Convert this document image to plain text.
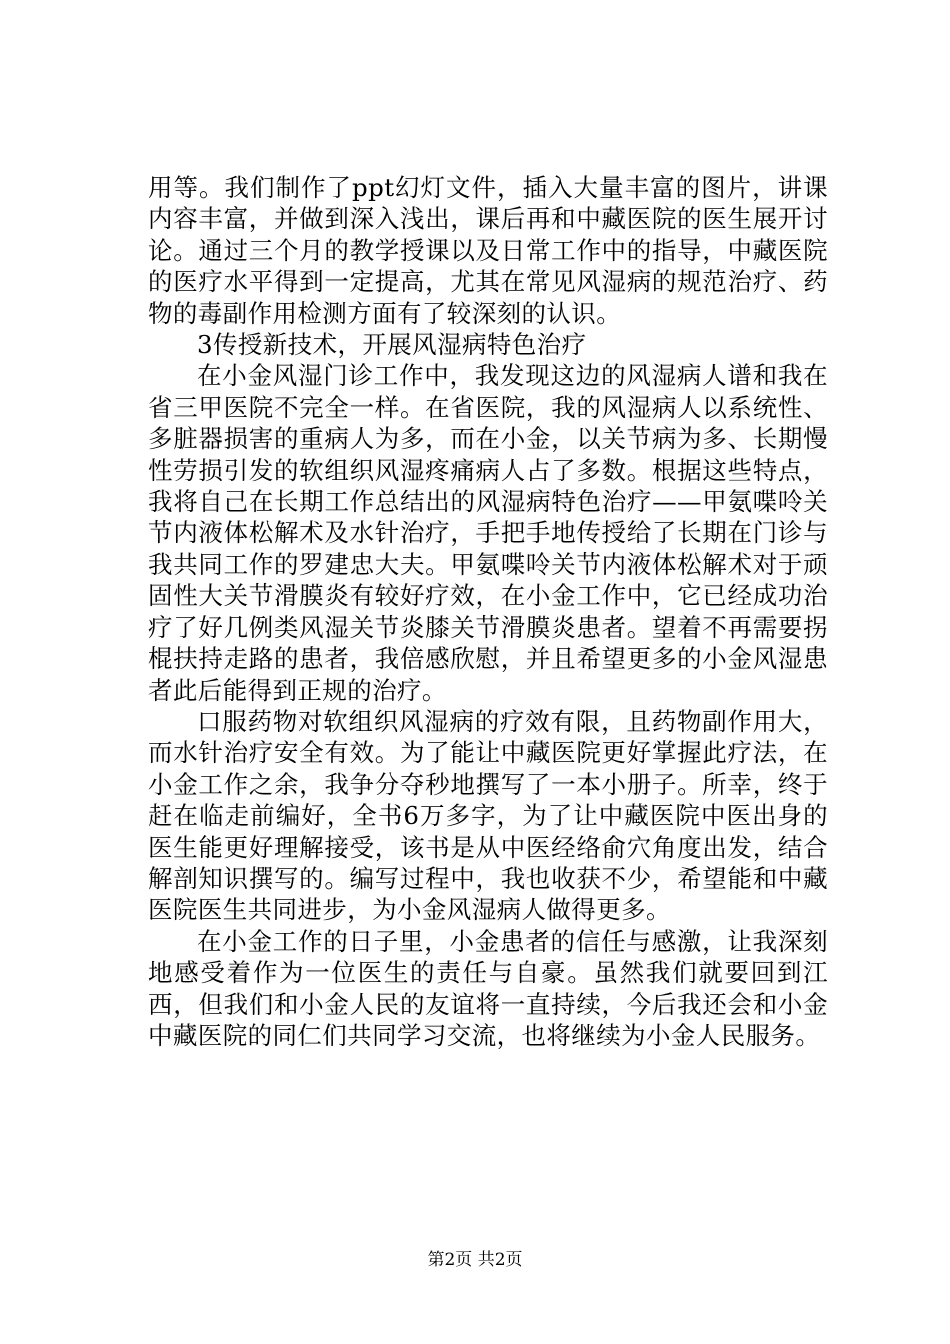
用等。我们制作了ppt幻灯文件，插入大量丰富的图片，讲课内容丰富，并做到深入浅出，课后再和中藏医院的医生展开讨论。通过三个月的教学授课以及日常工作中的指导，中藏医院的医疗水平得到一定提高，尤其在常见风湿病的规范治疗、药物的毒副作用检测方面有了较深刻的认识。

3传授新技术，开展风湿病特色治疗

在小金风湿门诊工作中，我发现这边的风湿病人谱和我在省三甲医院不完全一样。在省医院，我的风湿病人以系统性、多脏器损害的重病人为多，而在小金，以关节病为多、长期慢性劳损引发的软组织风湿疼痛病人占了多数。根据这些特点，我将自己在长期工作总结出的风湿病特色治疗——甲氨喋呤关节内液体松解术及水针治疗，手把手地传授给了长期在门诊与我共同工作的罗建忠大夫。甲氨喋呤关节内液体松解术对于顽固性大关节滑膜炎有较好疗效，在小金工作中，它已经成功治疗了好几例类风湿关节炎膝关节滑膜炎患者。望着不再需要拐棍扶持走路的患者，我倍感欣慰，并且希望更多的小金风湿患者此后能得到正规的治疗。

口服药物对软组织风湿病的疗效有限，且药物副作用大，而水针治疗安全有效。为了能让中藏医院更好掌握此疗法，在小金工作之余，我争分夺秒地撰写了一本小册子。所幸，终于赶在临走前编好，全书6万多字，为了让中藏医院中医出身的医生能更好理解接受，该书是从中医经络俞穴角度出发，结合解剖知识撰写的。编写过程中，我也收获不少，希望能和中藏医院医生共同进步，为小金风湿病人做得更多。

在小金工作的日子里，小金患者的信任与感激，让我深刻地感受着作为一位医生的责任与自豪。虽然我们就要回到江西，但我们和小金人民的友谊将一直持续，今后我还会和小金中藏医院的同仁们共同学习交流，也将继续为小金人民服务。

第2页 共2页
